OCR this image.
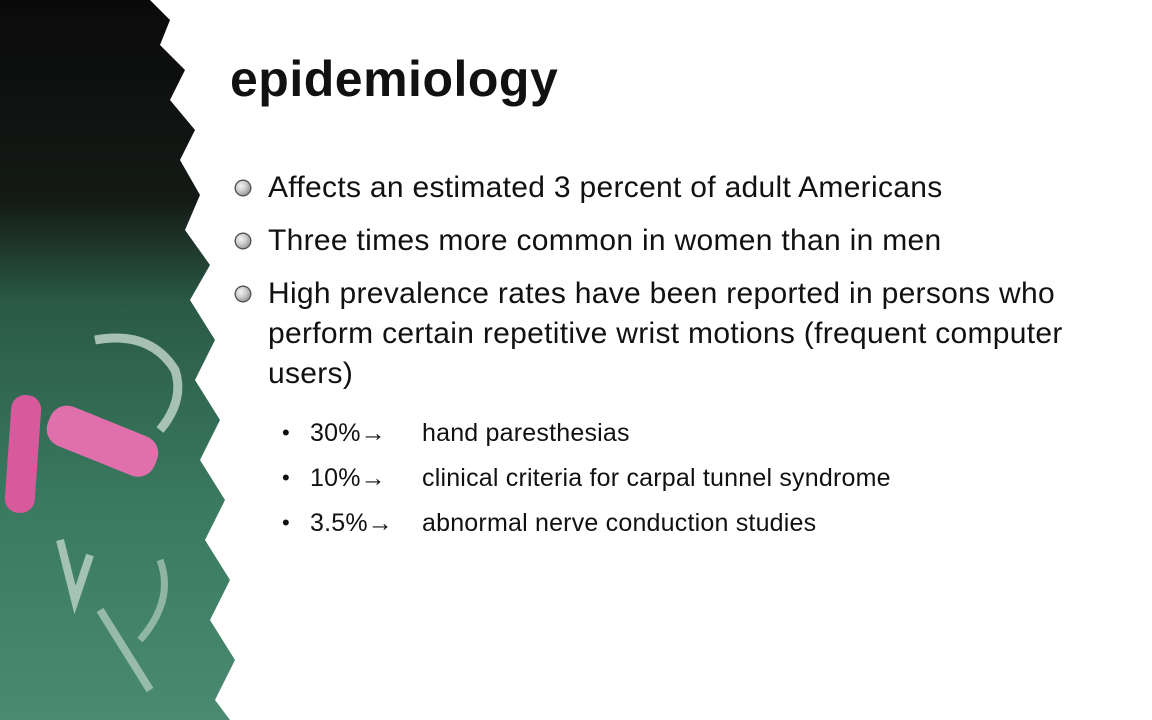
epidemiology
Affects an estimated 3 percent of adult Americans
Three times more common in women than in men
High prevalence rates have been reported in persons who perform certain repetitive wrist motions (frequent computer users)
• 30%→ hand paresthesias
• 10%→ clinical criteria for carpal tunnel syndrome
• 3.5%→ abnormal nerve conduction studies
